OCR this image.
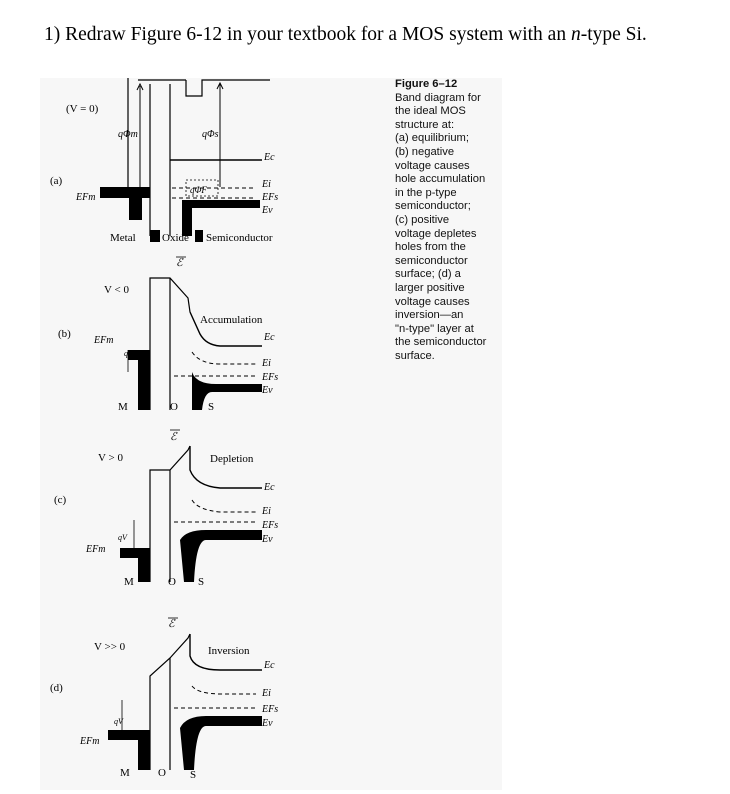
1) Redraw Figure 6-12 in your textbook for a MOS system with an n-type Si.
(a)
(V = 0)
qΦm	qΦs
qΦF
Ec
Ei
EFs
Ev
EFm
Metal Oxide Semiconductor
ℰ
(b)
V < 0
Accumulation
qV
EFm	Ec
Ei
EFs
Ev
M	O	S
ℰ
(c)
V > 0	Depletion
qV
EFm
Ec
Ei
EFs
Ev
M	O S
ℰ
(d)
V >> 0	Inversion
qV
EFm
Ec
Ei
EFs
Ev
M	O S
Figure 6–12
Band diagram for
the ideal MOS
structure at:
(a) equilibrium;
(b) negative
voltage causes
hole accumulation
in the p-type
semiconductor;
(c) positive
voltage depletes
holes from the
semiconductor
surface; (d) a
larger positive
voltage causes
inversion—an
"n-type" layer at
the semiconductor
surface.
